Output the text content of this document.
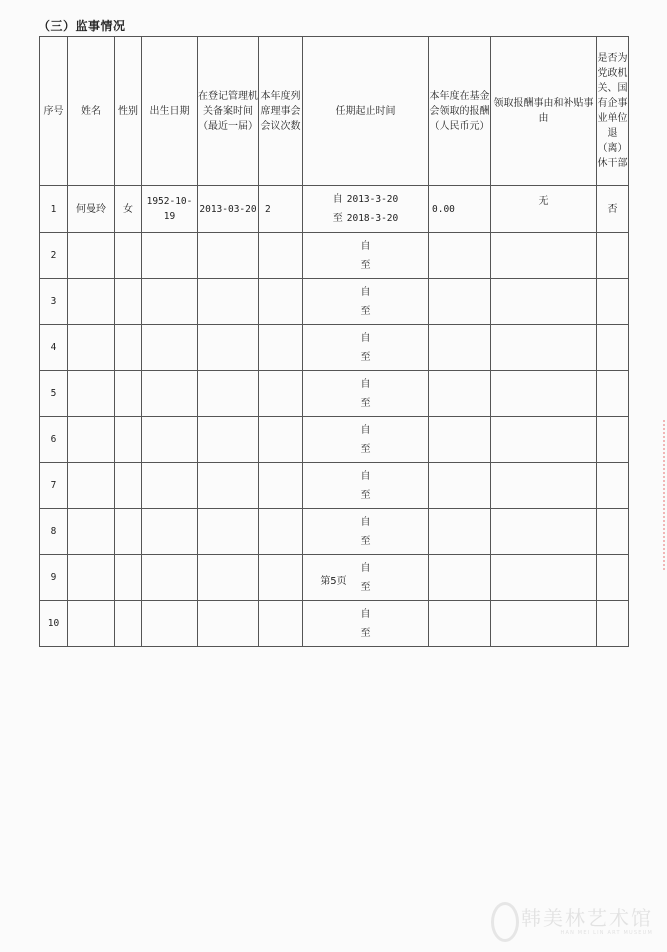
（三）监事情况
序号	姓名	性别	出生日期	在登记管理机关备案时间（最近一届）	本年度列席理事会会议次数	任期起止时间	本年度在基金会领取的报酬（人民币元）	领取报酬事由和补贴事由	是否为党政机关、国有企事业单位退（离）休干部
1	何曼玲	女	1952-10-19	2013-03-20	2	自 2013-3-20
至 2018-3-20	0.00	无	否
2						自
至			

3						自
至			

4						自
至			

5						自
至			

6						自
至			

7						自
至			

8						自
至			

9						自
至			

10						自
至			

第5页
韩美林艺术馆
HAN MEI LIN ART MUSEUM
